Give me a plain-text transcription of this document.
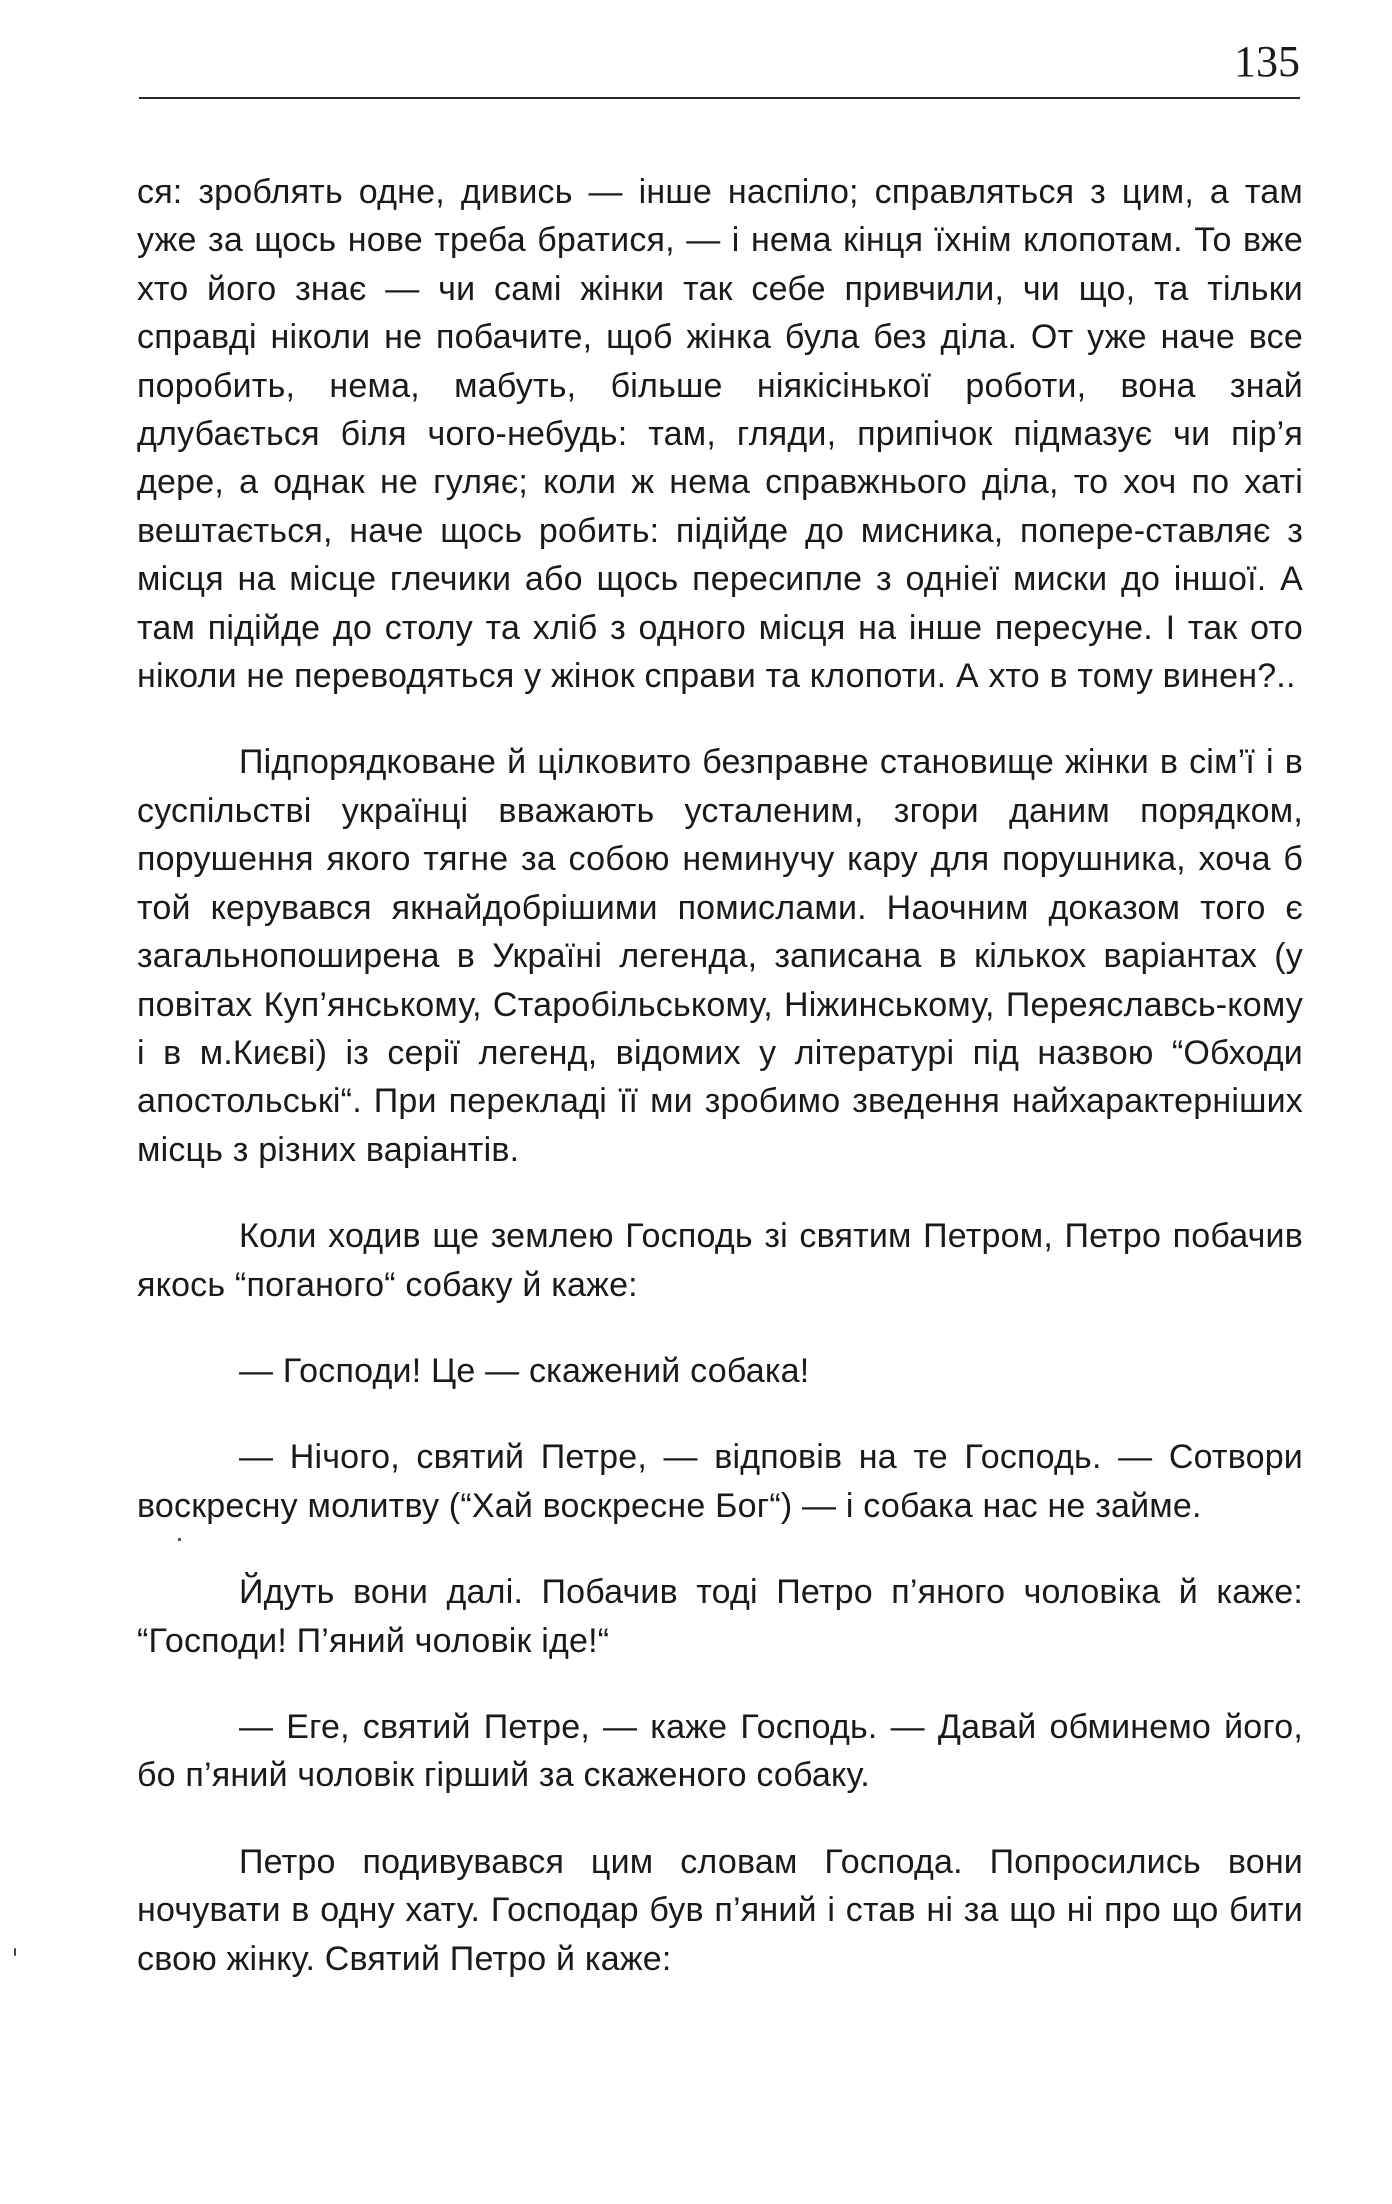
135

ся: зроблять одне, дивись — інше наспіло; справляться з цим, а там уже за щось нове треба братися, — і нема кінця їхнім клопотам. То вже хто його знає — чи самі жінки так себе привчили, чи що, та тільки справді ніколи не побачите, щоб жінка була без діла. От уже наче все поробить, нема, мабуть, більше ніякісінької роботи, вона знай длубається біля чого-небудь: там, гляди, припічок підмазує чи пір’я дере, а однак не гуляє; коли ж нема справжнього діла, то хоч по хаті вештається, наче щось робить: підійде до мисника, попере-ставляє з місця на місце глечики або щось пересипле з одніеї миски до іншої. А там підійде до столу та хліб з одного місця на інше пересуне. І так ото ніколи не переводяться у жінок справи та клопоти. А хто в тому винен?..

Підпорядковане й цілковито безправне становище жінки в сім’ї і в суспільстві українці вважають усталеним, згори даним порядком, порушення якого тягне за собою неминучу кару для порушника, хоча б той керувався якнайдобрішими помислами. Наочним доказом того є загальнопоширена в Україні легенда, записана в кількох варіантах (у повітах Куп’янському, Старобільському, Ніжинському, Переяславсь-кому і в м.Києві) із серії легенд, відомих у літературі під назвою “Обходи апостольські“. При перекладі її ми зробимо зведення найхарактерніших місць з різних варіантів.

Коли ходив ще землею Господь зі святим Петром, Петро побачив якось “поганого“ собаку й каже:

— Господи! Це — скажений собака!

— Нічого, святий Петре, — відповів на те Господь. — Сотвори воскресну молитву (“Хай воскресне Бог“) — і собака нас не займе.

Йдуть вони далі. Побачив тоді Петро п’яного чоловіка й каже: “Господи! П’яний чоловік іде!“

— Еге, святий Петре, — каже Господь. — Давай обминемо його, бо п’яний чоловік гірший за скаженого собаку.

Петро подивувався цим словам Господа. Попросились вони ночувати в одну хату. Господар був п’яний і став ні за що ні про що бити свою жінку. Святий Петро й каже:
